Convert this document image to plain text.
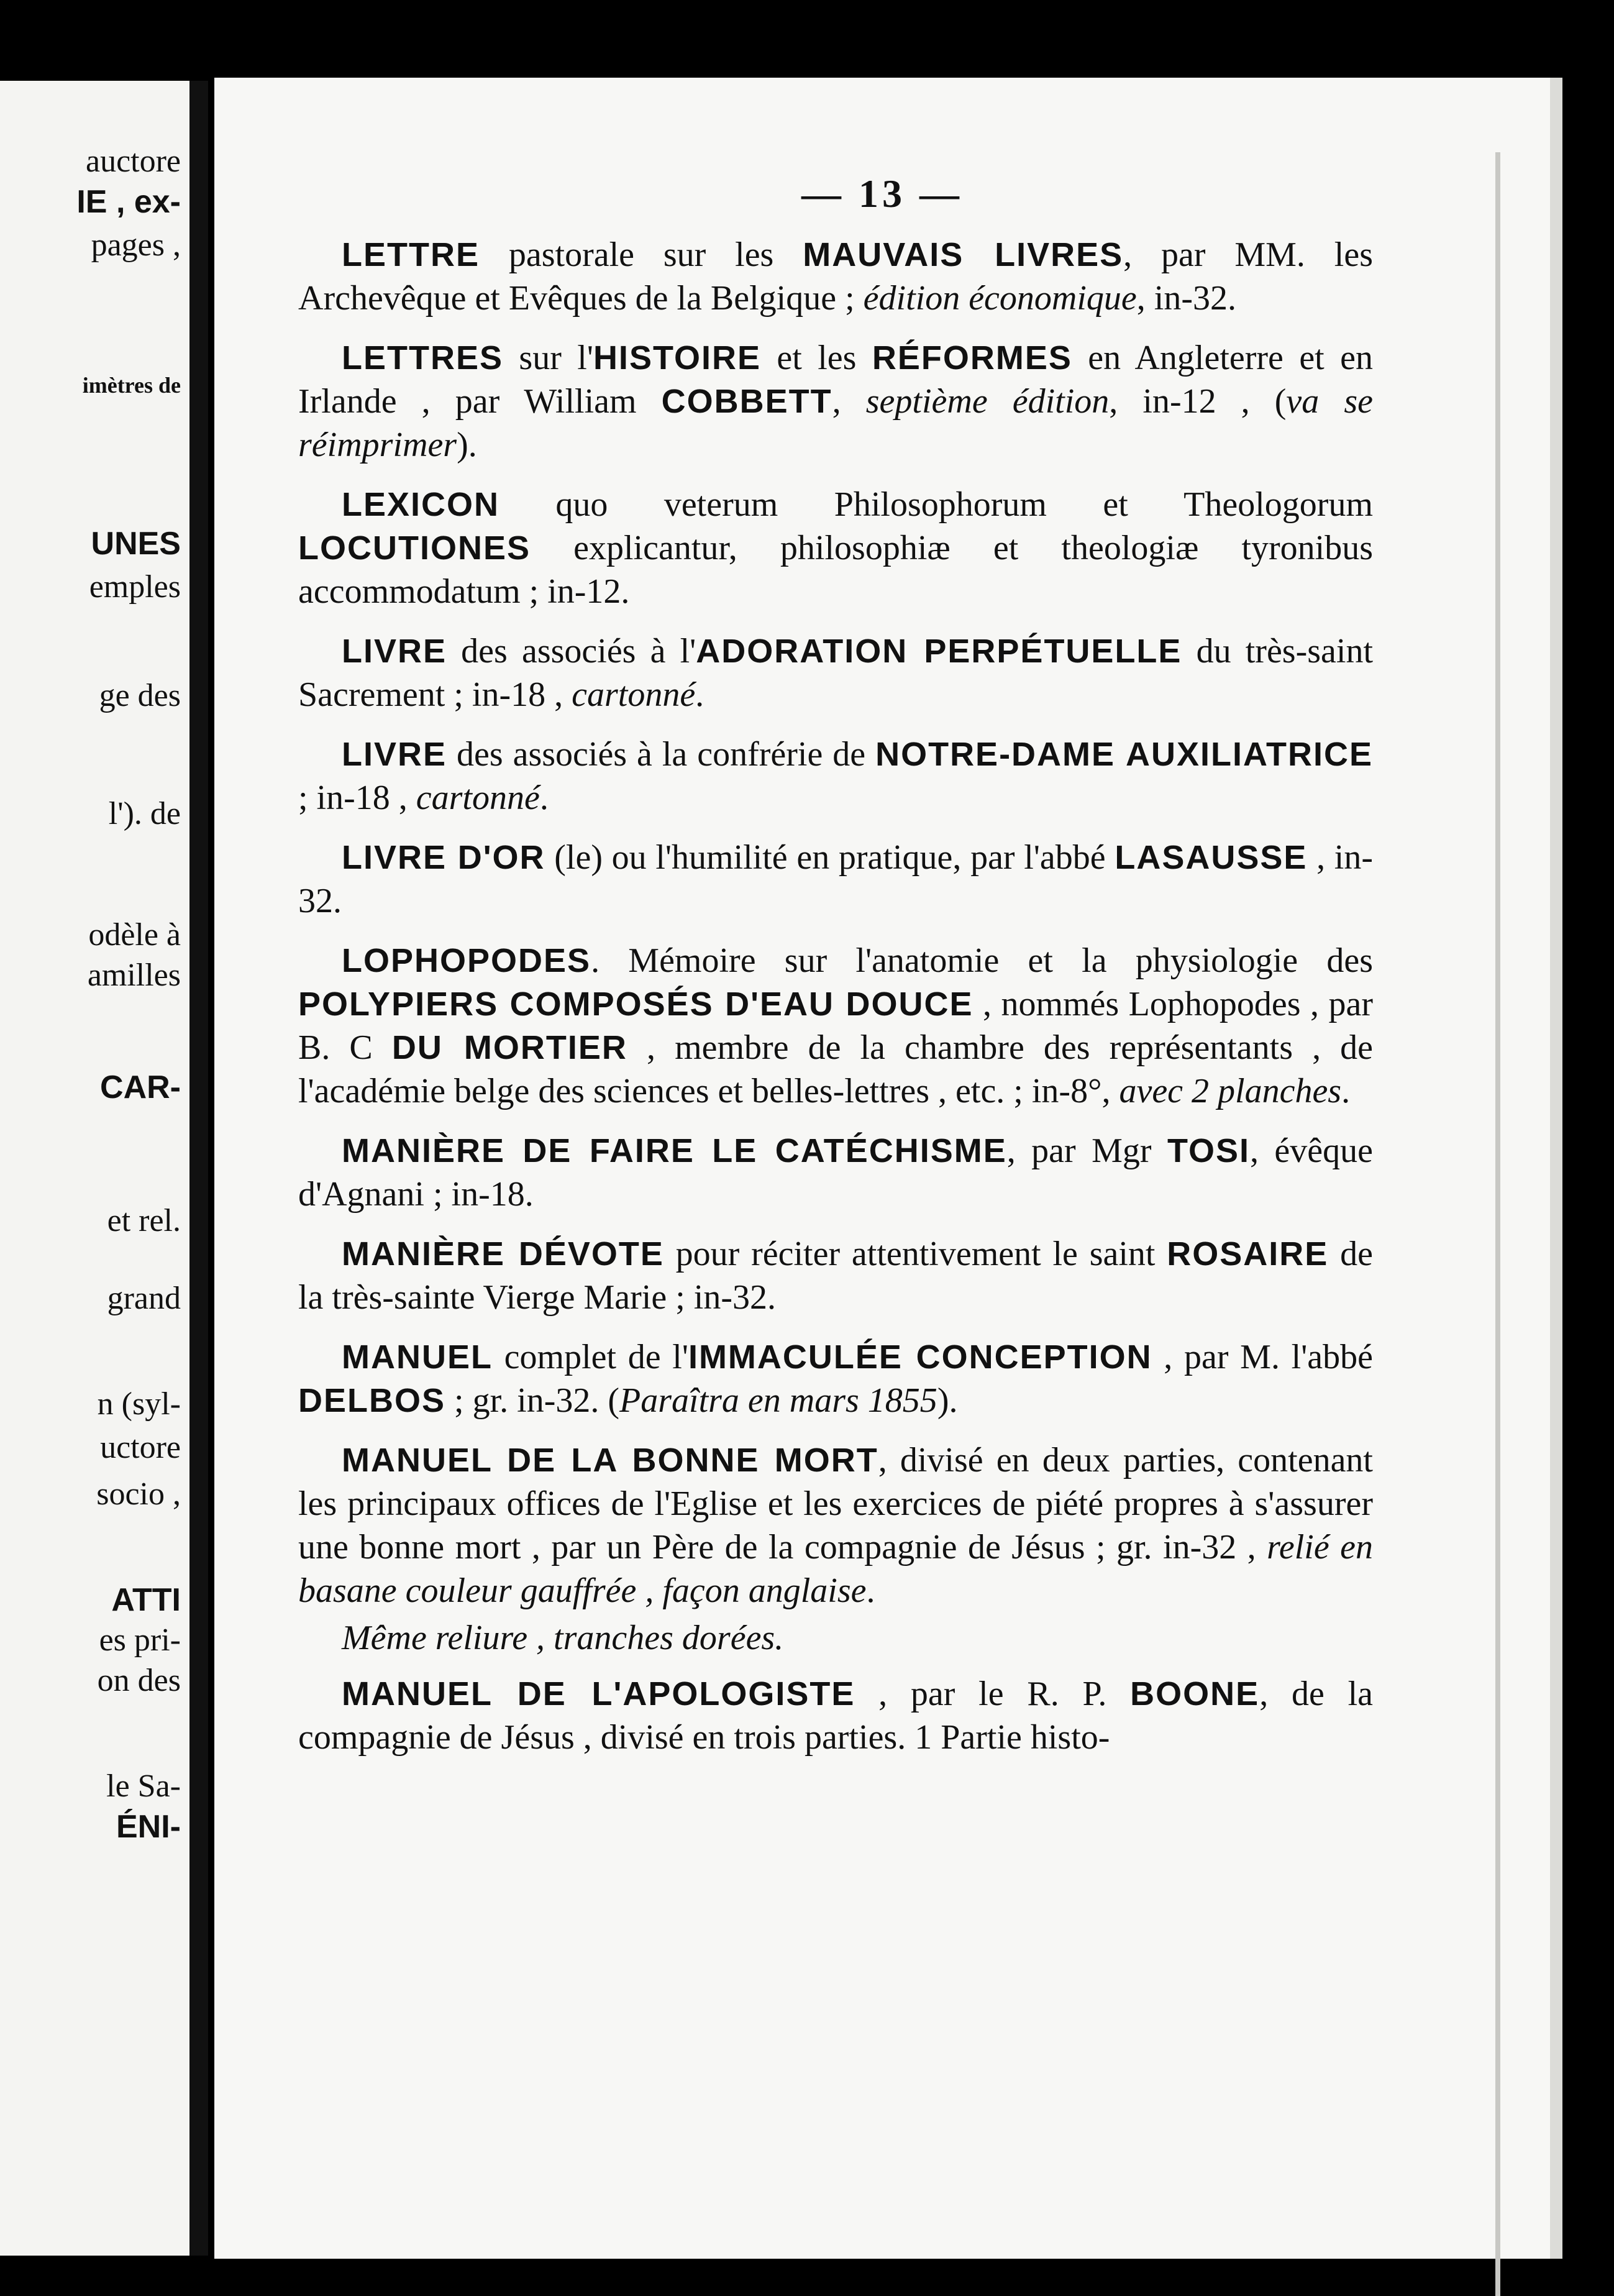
auctore
IE , ex-
pages ,
imètres de
UNES
emples
ge des
l'). de
odèle à
amilles
CAR-
et rel.
grand
n (syl-
uctore
socio ,
ATTI
es pri-
on des
le Sa-
ÉNI-
— 13 —

LETTRE pastorale sur les MAUVAIS LIVRES, par MM. les Archevêque et Evêques de la Belgique ; édition économique, in-32.

LETTRES sur l'HISTOIRE et les RÉFORMES en Angleterre et en Irlande , par William COBBETT, septième édition, in-12 , (va se réimprimer).

LEXICON quo veterum Philosophorum et Theologorum LOCUTIONES explicantur, philosophiæ et theologiæ tyronibus accommodatum ; in-12.

LIVRE des associés à l'ADORATION PERPÉTUELLE du très-saint Sacrement ; in-18 , cartonné.

LIVRE des associés à la confrérie de NOTRE-DAME AUXILIATRICE ; in-18 , cartonné.

LIVRE D'OR (le) ou l'humilité en pratique, par l'abbé LASAUSSE , in-32.

LOPHOPODES. Mémoire sur l'anatomie et la physiologie des POLYPIERS COMPOSÉS D'EAU DOUCE , nommés Lophopodes , par B. C DU MORTIER , membre de la chambre des représentants , de l'académie belge des sciences et belles-lettres , etc. ; in-8°, avec 2 planches.

MANIÈRE DE FAIRE LE CATÉCHISME, par Mgr TOSI, évêque d'Agnani ; in-18.

MANIÈRE DÉVOTE pour réciter attentivement le saint ROSAIRE de la très-sainte Vierge Marie ; in-32.

MANUEL complet de l'IMMACULÉE CONCEPTION , par M. l'abbé DELBOS ; gr. in-32. (Paraîtra en mars 1855).

MANUEL DE LA BONNE MORT, divisé en deux parties, contenant les principaux offices de l'Eglise et les exercices de piété propres à s'assurer une bonne mort , par un Père de la compagnie de Jésus ; gr. in-32 , relié en basane couleur gauffrée , façon anglaise.

Même reliure , tranches dorées.

MANUEL DE L'APOLOGISTE , par le R. P. BOONE, de la compagnie de Jésus , divisé en trois parties. 1 Partie histo-
